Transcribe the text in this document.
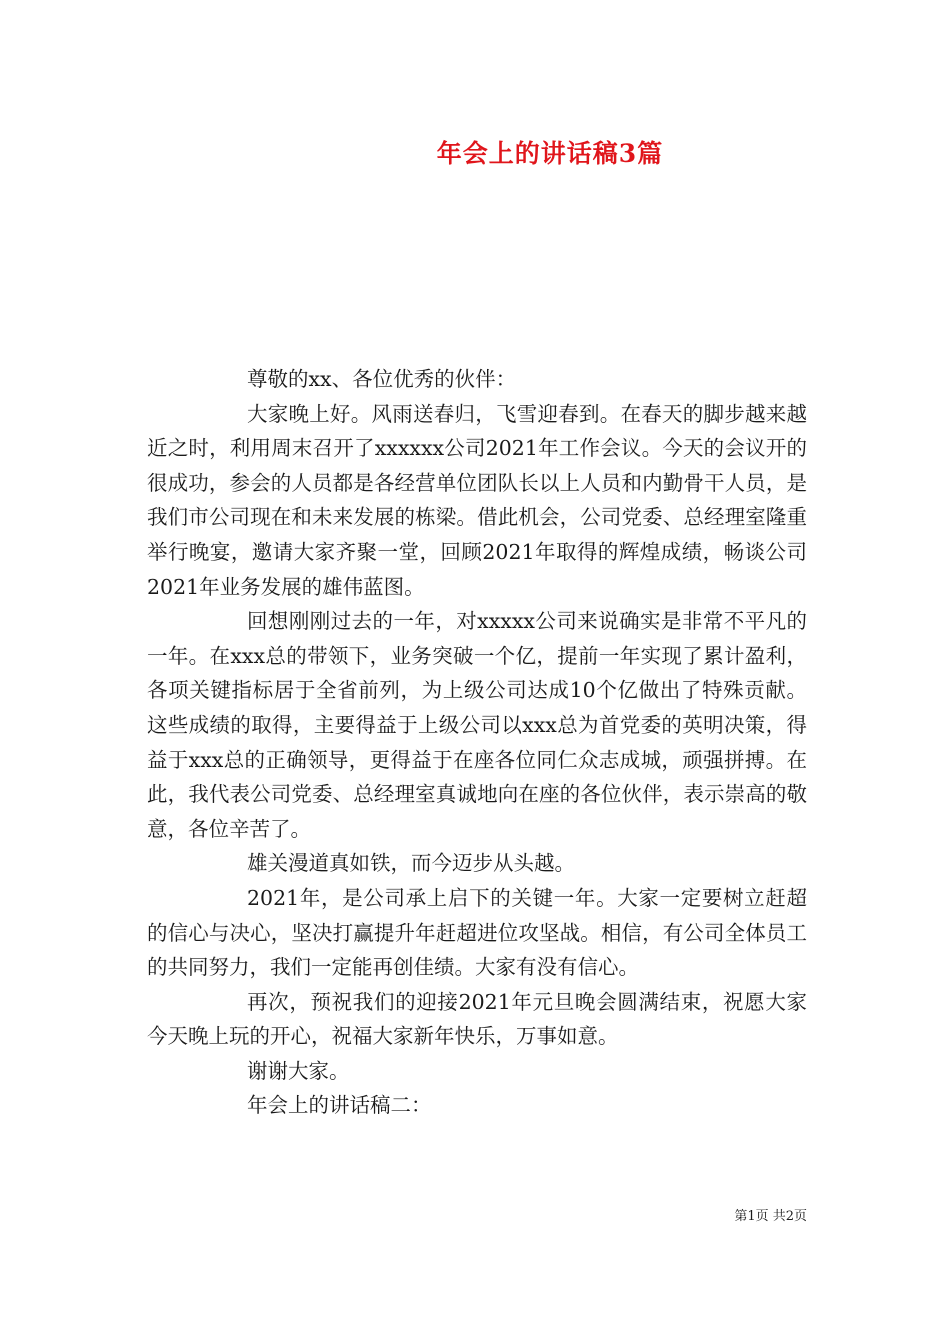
年会上的讲话稿3篇

尊敬的xx、各位优秀的伙伴：

大家晚上好。风雨送春归，飞雪迎春到。在春天的脚步越来越近之时，利用周末召开了xxxxxx公司2021年工作会议。今天的会议开的很成功，参会的人员都是各经营单位团队长以上人员和内勤骨干人员，是我们市公司现在和未来发展的栋梁。借此机会，公司党委、总经理室隆重举行晚宴，邀请大家齐聚一堂，回顾2021年取得的辉煌成绩，畅谈公司2021年业务发展的雄伟蓝图。

回想刚刚过去的一年，对xxxxx公司来说确实是非常不平凡的一年。在xxx总的带领下，业务突破一个亿，提前一年实现了累计盈利，各项关键指标居于全省前列，为上级公司达成10个亿做出了特殊贡献。这些成绩的取得，主要得益于上级公司以xxx总为首党委的英明决策，得益于xxx总的正确领导，更得益于在座各位同仁众志成城，顽强拼搏。在此，我代表公司党委、总经理室真诚地向在座的各位伙伴，表示崇高的敬意，各位辛苦了。

雄关漫道真如铁，而今迈步从头越。

2021年，是公司承上启下的关键一年。大家一定要树立赶超的信心与决心，坚决打赢提升年赶超进位攻坚战。相信，有公司全体员工的共同努力，我们一定能再创佳绩。大家有没有信心。

再次，预祝我们的迎接2021年元旦晚会圆满结束，祝愿大家今天晚上玩的开心，祝福大家新年快乐，万事如意。

谢谢大家。

年会上的讲话稿二：

第1页 共2页
